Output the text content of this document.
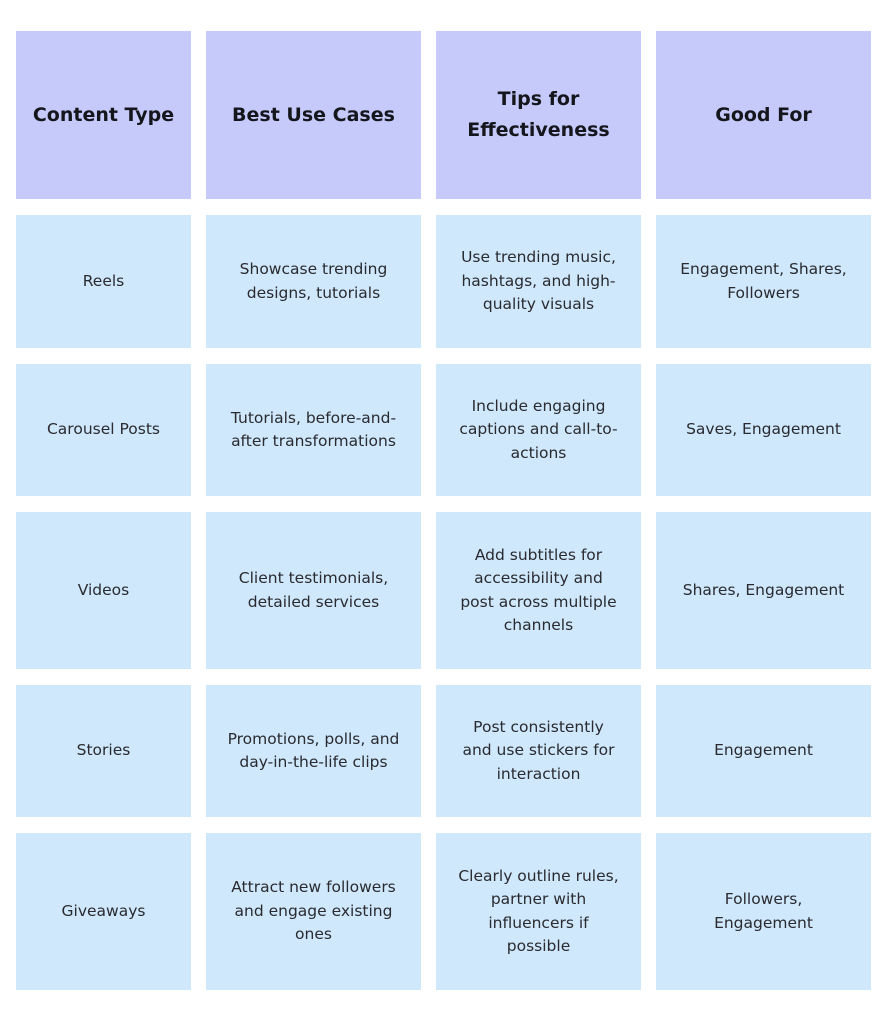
Content Type	Best Use Cases
Tips for
Effectiveness
Good For
Reels
Showcase trending
designs, tutorials
Use trending music,
hashtags, and high-
quality visuals
Engagement, Shares,
Followers
Carousel Posts
Tutorials, before-and-
after transformations
Include engaging
captions and call-to-
actions
Saves, Engagement
Videos
Client testimonials,
detailed services
Add subtitles for
accessibility and
post across multiple
channels
Shares, Engagement
Stories
Promotions, polls, and
day-in-the-life clips
Post consistently
and use stickers for
interaction
Engagement
Giveaways
Attract new followers
and engage existing
ones
Clearly outline rules,
partner with
influencers if
possible
Followers,
Engagement
